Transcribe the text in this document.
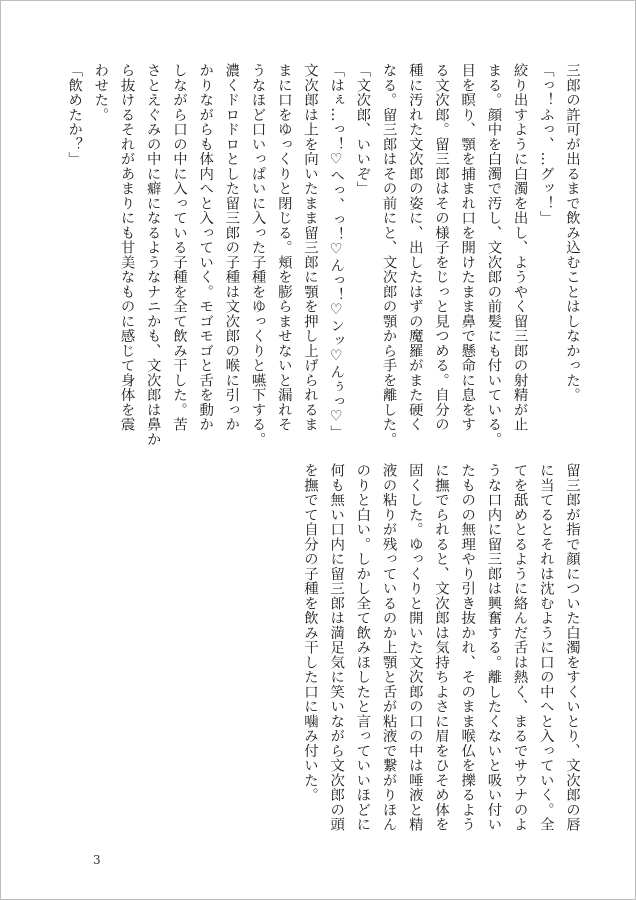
三郎の許可が出るまで飲み込むことはしなかった。
「っ！ふっ、…グッ！」
絞り出すように白濁を出し、ようやく留三郎の射精が止
まる。顔中を白濁で汚し、文次郎の前髪にも付いている。
目を瞑り、顎を捕まれ口を開けたまま鼻で懸命に息をす
る文次郎。留三郎はその様子をじっと見つめる。自分の
種に汚れた文次郎の姿に、出したはずの魔羅がまた硬く
なる。留三郎はその前にと、文次郎の顎から手を離した。
「文次郎、いいぞ」
「はぇ…っ！♡へっ、っ！♡んっ！♡ンッ♡んぅっ♡」
文次郎は上を向いたまま留三郎に顎を押し上げられるま
まに口をゆっくりと閉じる。頬を膨らませないと漏れそ
うなほど口いっぱいに入った子種をゆっくりと嚥下する。
濃くドロドロとした留三郎の子種は文次郎の喉に引っか
かりながらも体内へと入っていく。モゴモゴと舌を動か
しながら口の中に入っている子種を全て飲み干した。苦
さとえぐみの中に癖になるようなナニかも、文次郎は鼻か
ら抜けるそれがあまりにも甘美なものに感じて身体を震
わせた。
「飲めたか？」
留三郎が指で顔についた白濁をすくいとり、文次郎の唇
に当てるとそれは沈むように口の中へと入っていく。全
てを舐めとるように絡んだ舌は熱く、まるでサウナのよ
うな口内に留三郎は興奮する。離したくないと吸い付い
たものの無理やり引き抜かれ、そのまま喉仏を擽るよう
に撫でられると、文次郎は気持ちよさに眉をひそめ体を
固くした。ゆっくりと開いた文次郎の口の中は唾液と精
液の粘りが残っているのか上顎と舌が粘液で繋がりほん
のりと白い。しかし全て飲みほしたと言っていいほどに
何も無い口内に留三郎は満足気に笑いながら文次郎の頭
を撫でて自分の子種を飲み干した口に噛み付いた。
3
